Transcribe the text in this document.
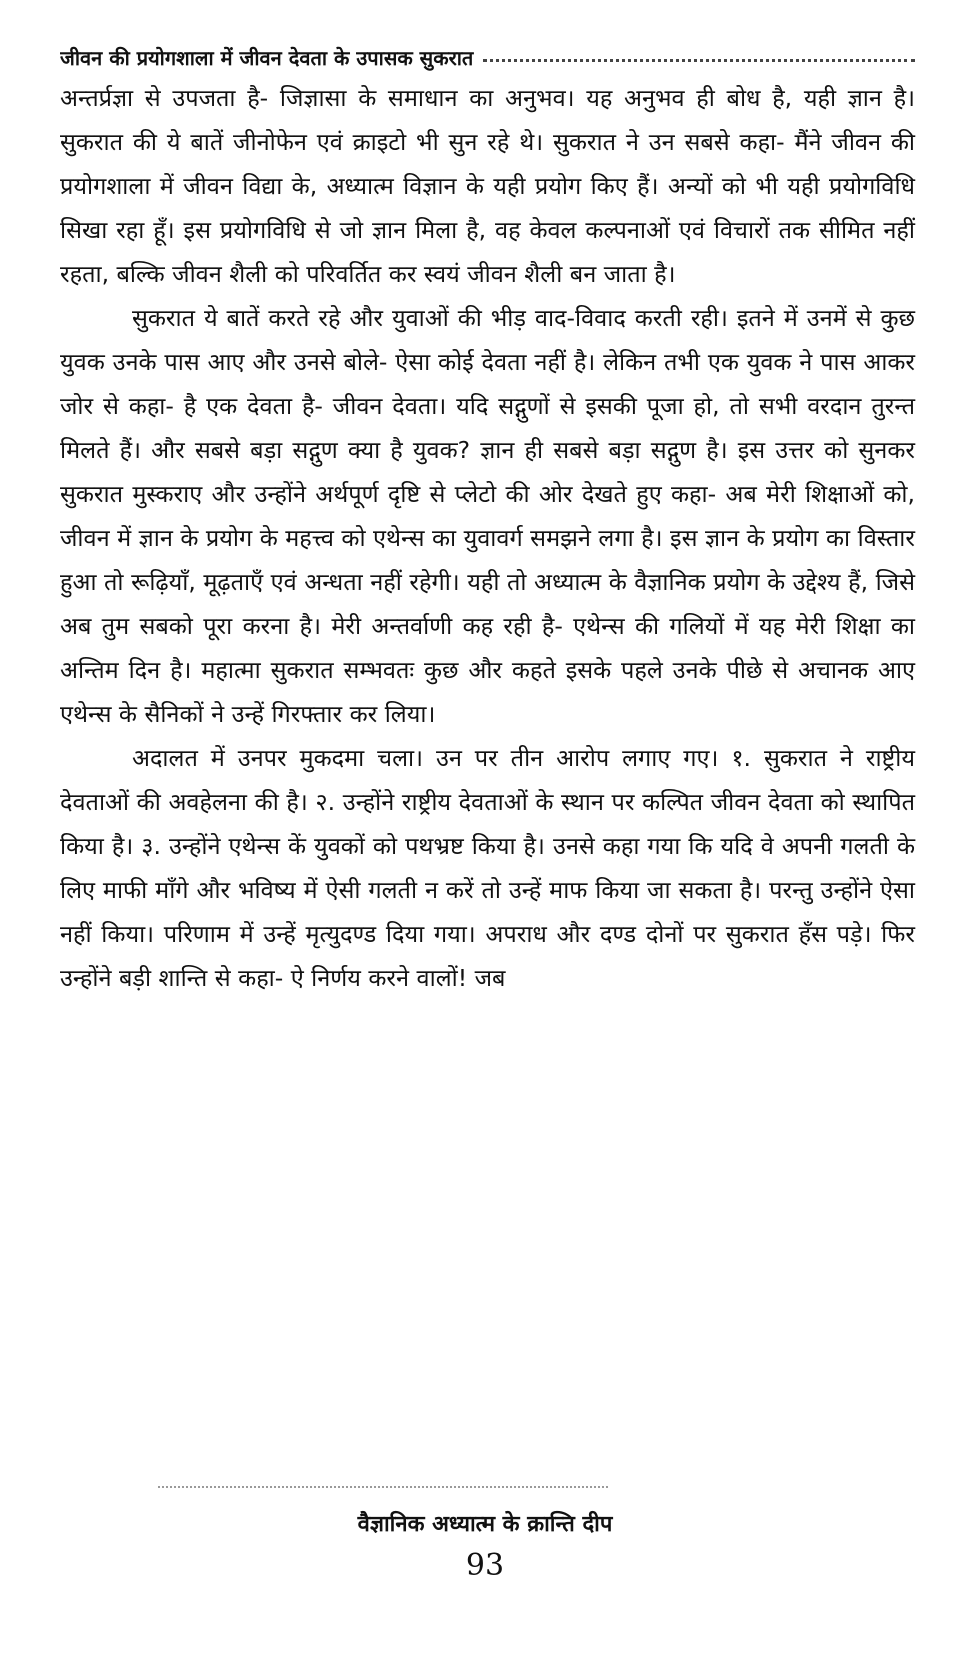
जीवन की प्रयोगशाला में जीवन देवता के उपासक सुकरात

अन्तर्प्रज्ञा से उपजता है- जिज्ञासा के समाधान का अनुभव। यह अनुभव ही बोध है, यही ज्ञान है। सुकरात की ये बातें जीनोफेन एवं क्राइटो भी सुन रहे थे। सुकरात ने उन सबसे कहा- मैंने जीवन की प्रयोगशाला में जीवन विद्या के, अध्यात्म विज्ञान के यही प्रयोग किए हैं। अन्यों को भी यही प्रयोगविधि सिखा रहा हूँ। इस प्रयोगविधि से जो ज्ञान मिला है, वह केवल कल्पनाओं एवं विचारों तक सीमित नहीं रहता, बल्कि जीवन शैली को परिवर्तित कर स्वयं जीवन शैली बन जाता है।

सुकरात ये बातें करते रहे और युवाओं की भीड़ वाद-विवाद करती रही। इतने में उनमें से कुछ युवक उनके पास आए और उनसे बोले- ऐसा कोई देवता नहीं है। लेकिन तभी एक युवक ने पास आकर जोर से कहा- है एक देवता है- जीवन देवता। यदि सद्गुणों से इसकी पूजा हो, तो सभी वरदान तुरन्त मिलते हैं। और सबसे बड़ा सद्गुण क्या है युवक? ज्ञान ही सबसे बड़ा सद्गुण है। इस उत्तर को सुनकर सुकरात मुस्कराए और उन्होंने अर्थपूर्ण दृष्टि से प्लेटो की ओर देखते हुए कहा- अब मेरी शिक्षाओं को, जीवन में ज्ञान के प्रयोग के महत्त्व को एथेन्स का युवावर्ग समझने लगा है। इस ज्ञान के प्रयोग का विस्तार हुआ तो रूढ़ियाँ, मूढ़ताएँ एवं अन्धता नहीं रहेगी। यही तो अध्यात्म के वैज्ञानिक प्रयोग के उद्देश्य हैं, जिसे अब तुम सबको पूरा करना है। मेरी अन्तर्वाणी कह रही है- एथेन्स की गलियों में यह मेरी शिक्षा का अन्तिम दिन है। महात्मा सुकरात सम्भवतः कुछ और कहते इसके पहले उनके पीछे से अचानक आए एथेन्स के सैनिकों ने उन्हें गिरफ्तार कर लिया।

अदालत में उनपर मुकदमा चला। उन पर तीन आरोप लगाए गए। १. सुकरात ने राष्ट्रीय देवताओं की अवहेलना की है। २. उन्होंने राष्ट्रीय देवताओं के स्थान पर कल्पित जीवन देवता को स्थापित किया है। ३. उन्होंने एथेन्स कें युवकों को पथभ्रष्ट किया है। उनसे कहा गया कि यदि वे अपनी गलती के लिए माफी माँगे और भविष्य में ऐसी गलती न करें तो उन्हें माफ किया जा सकता है। परन्तु उन्होंने ऐसा नहीं किया। परिणाम में उन्हें मृत्युदण्ड दिया गया। अपराध और दण्ड दोनों पर सुकरात हँस पड़े। फिर उन्होंने बड़ी शान्ति से कहा- ऐ निर्णय करने वालों! जब

वैज्ञानिक अध्यात्म के क्रान्ति दीप
93
